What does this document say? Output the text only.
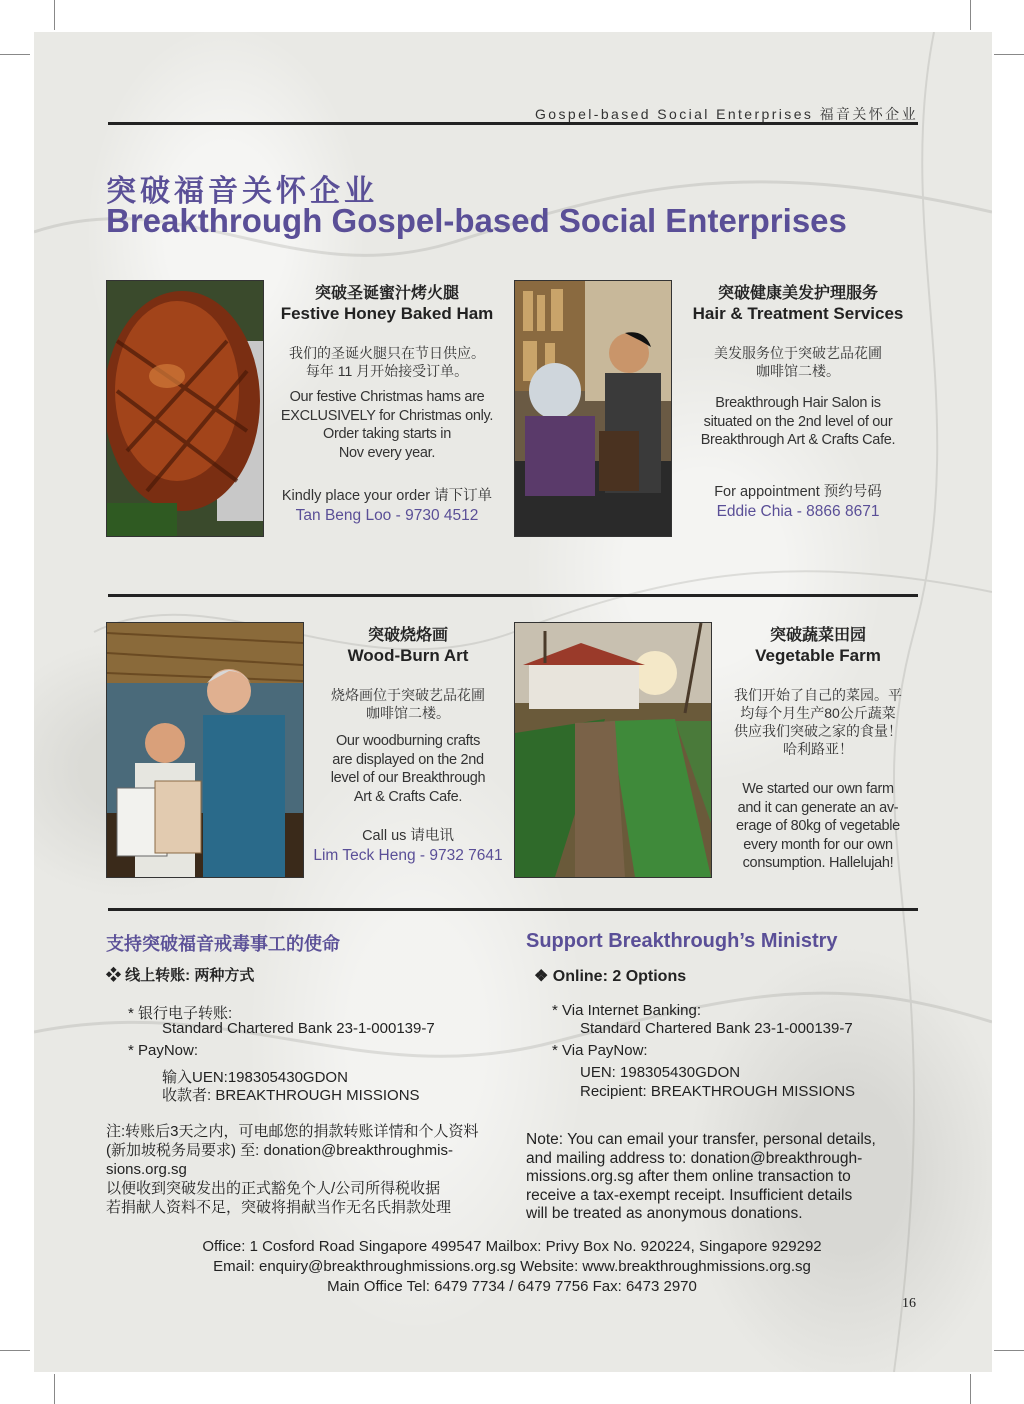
Gospel-based Social Enterprises 福音关怀企业
突破福音关怀企业
Breakthrough Gospel-based Social Enterprises
突破圣诞蜜汁烤火腿
Festive Honey Baked Ham
我们的圣诞火腿只在节日供应。
每年 11 月开始接受订单。
Our festive Christmas hams are
EXCLUSIVELY for Christmas only.
Order taking starts in
Nov every year.
Kindly place your order 请下订单
Tan Beng Loo - 9730 4512
突破健康美发护理服务
Hair & Treatment Services
美发服务位于突破艺品花圃
咖啡馆二楼。
Breakthrough Hair Salon is
situated on the 2nd level of our
Breakthrough Art & Crafts Cafe.
For appointment 预约号码
Eddie Chia - 8866 8671
突破烧烙画
Wood-Burn Art
烧烙画位于突破艺品花圃
咖啡馆二楼。
Our woodburning crafts
are displayed on the 2nd
level of our Breakthrough
Art & Crafts Cafe.
Call us 请电讯
Lim Teck Heng - 9732 7641
突破蔬菜田园
Vegetable Farm
我们开始了自己的菜园。平
均每个月生产80公斤蔬菜
供应我们突破之家的食量！
哈利路亚！
We started our own farm
and it can generate an av-
erage of 80kg of vegetable
every month for our own
consumption. Hallelujah!
支持突破福音戒毒事工的使命
❖ 线上转账: 两种方式
* 银行电子转账:
Standard Chartered Bank 23-1-000139-7
* PayNow:
输入UEN:198305430GDON
收款者: BREAKTHROUGH MISSIONS
注:转账后3天之内，可电邮您的捐款转账详情和个人资料
(新加坡税务局要求) 至: donation@breakthroughmis-
sions.org.sg
以便收到突破发出的正式豁免个人/公司所得税收据
若捐献人资料不足，突破将捐献当作无名氏捐款处理
Support Breakthrough’s Ministry
❖ Online: 2 Options
* Via Internet Banking:
Standard Chartered Bank 23-1-000139-7
* Via PayNow:
UEN: 198305430GDON
Recipient: BREAKTHROUGH MISSIONS
Note: You can email your transfer, personal details,
and mailing address to: donation@breakthrough-
missions.org.sg after them online transaction to
receive a tax-exempt receipt. Insufficient details
will be treated as anonymous donations.
Office: 1 Cosford Road Singapore 499547 Mailbox: Privy Box No. 920224, Singapore 929292
Email: enquiry@breakthroughmissions.org.sg Website: www.breakthroughmissions.org.sg
Main Office Tel: 6479 7734 / 6479 7756 Fax: 6473 2970
16
